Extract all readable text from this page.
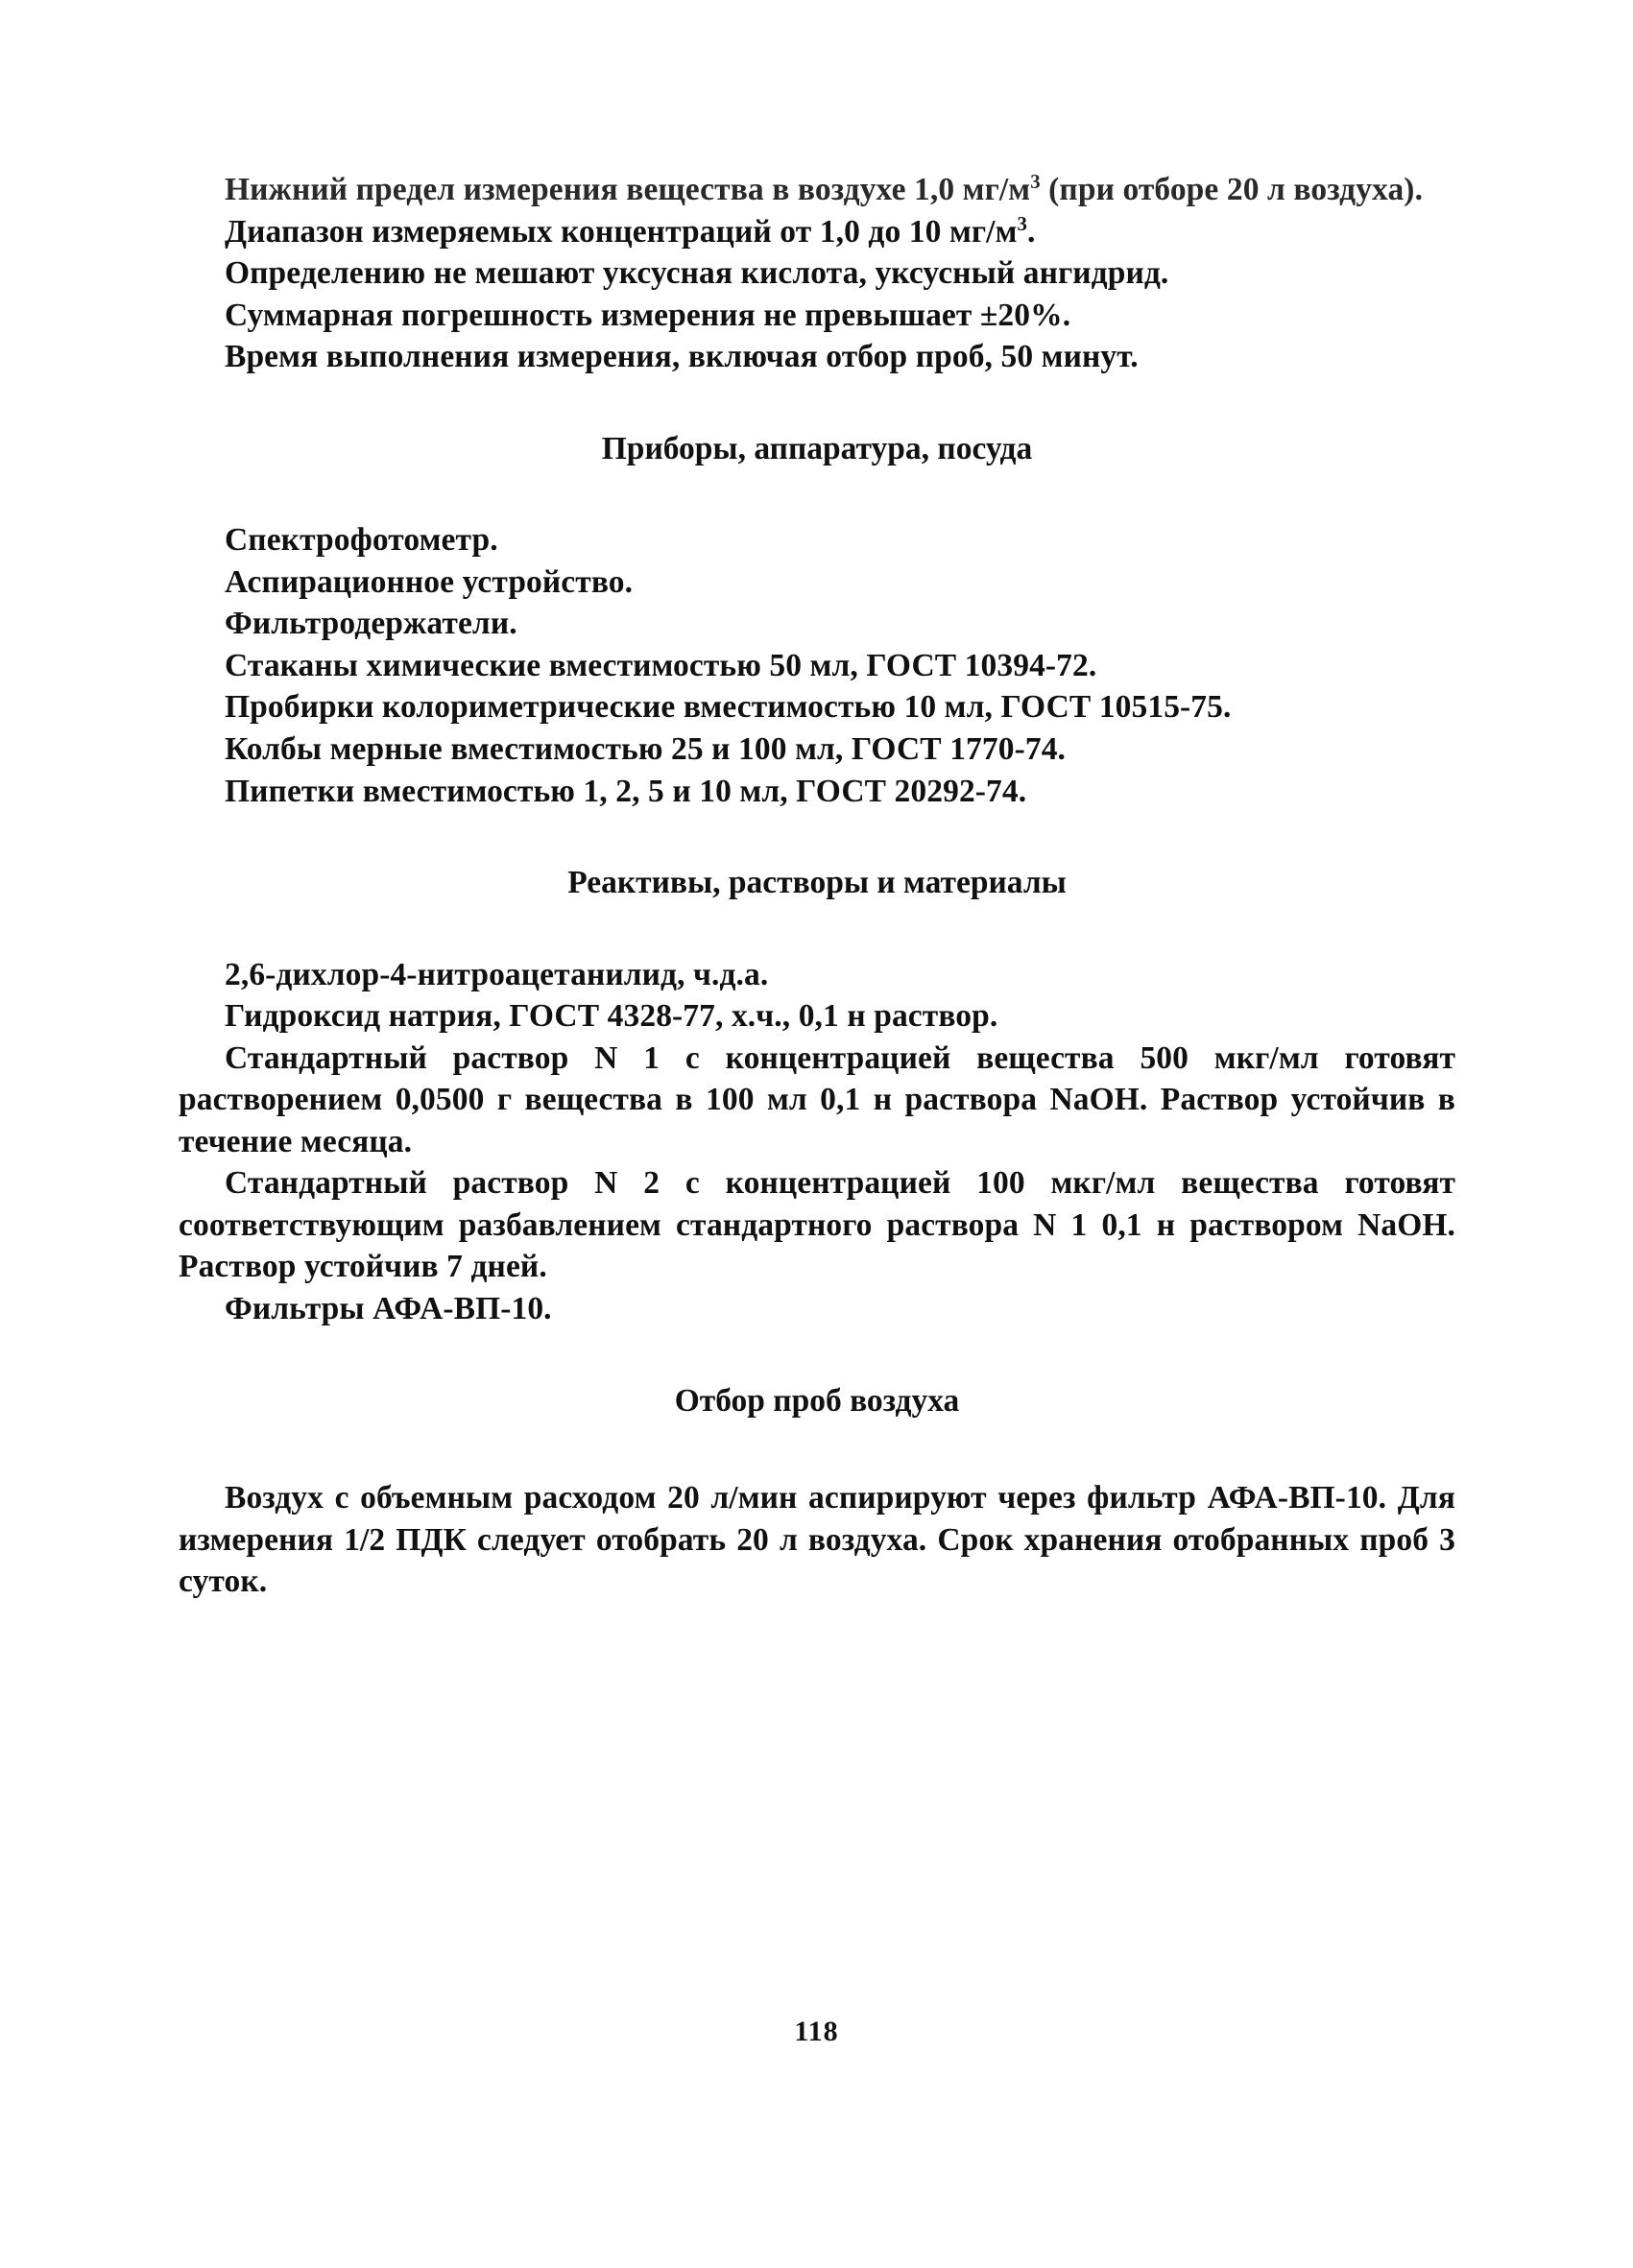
Нижний предел измерения вещества в воздухе 1,0 $мг/м^3$ (при отборе 20 л воздуха).

Диапазон измеряемых концентраций от 1,0 до 10 $мг/м^3$.

Определению не мешают уксусная кислота, уксусный ангидрид.

Суммарная погрешность измерения не превышает ±20%.

Время выполнения измерения, включая отбор проб, 50 минут.

Приборы, аппаратура, посуда

Спектрофотометр.

Аспирационное устройство.

Фильтродержатели.

Стаканы химические вместимостью 50 мл, ГОСТ 10394-72.

Пробирки колориметрические вместимостью 10 мл, ГОСТ 10515-75.

Колбы мерные вместимостью 25 и 100 мл, ГОСТ 1770-74.

Пипетки вместимостью 1, 2, 5 и 10 мл, ГОСТ 20292-74.

Реактивы, растворы и материалы

2,6-дихлор-4-нитроацетанилид, ч.д.а.

Гидроксид натрия, ГОСТ 4328-77, х.ч., 0,1 н раствор.

Стандартный раствор N 1 с концентрацией вещества 500 мкг/мл готовят растворением 0,0500 г вещества в 100 мл 0,1 н раствора NaOH. Раствор устойчив в течение месяца.

Стандартный раствор N 2 с концентрацией 100 мкг/мл вещества готовят соответствующим разбавлением стандартного раствора N 1 0,1 н раствором NaOH. Раствор устойчив 7 дней.

Фильтры АФА-ВП-10.

Отбор проб воздуха

Воздух с объемным расходом 20 л/мин аспирируют через фильтр АФА-ВП-10. Для измерения 1/2 ПДК следует отобрать 20 л воздуха. Срок хранения отобранных проб 3 суток.

118
